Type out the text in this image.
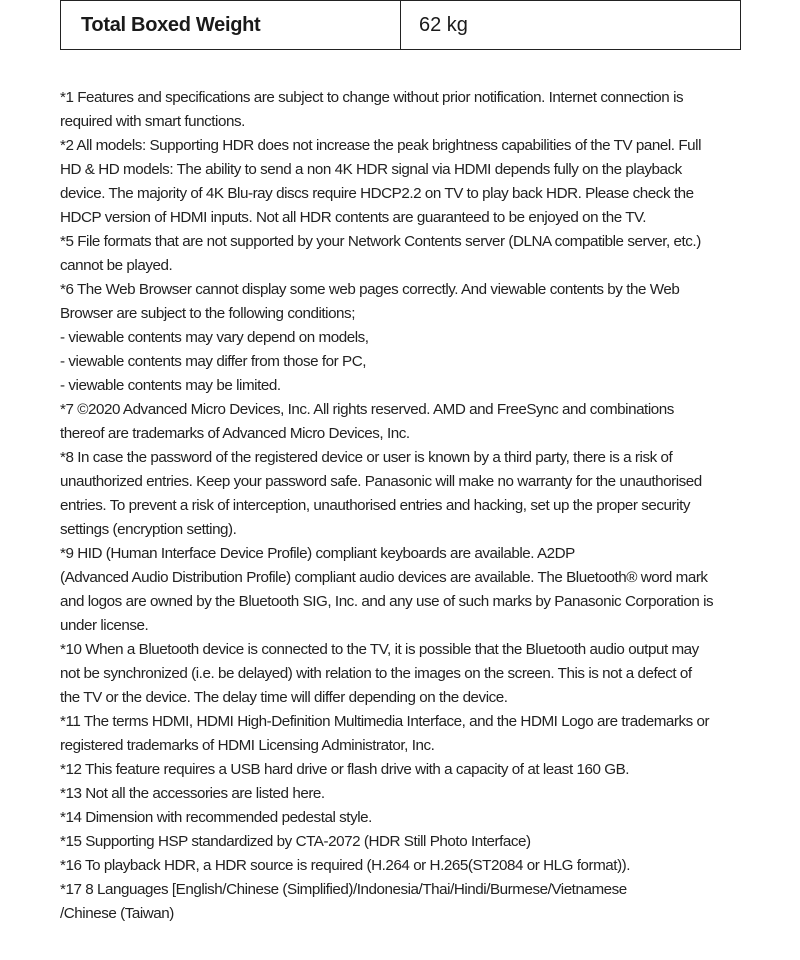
Total Boxed Weight	62 kg

*1 Features and specifications are subject to change without prior notification. Internet connection is

required with smart functions.

*2 All models: Supporting HDR does not increase the peak brightness capabilities of the TV panel. Full

HD & HD models: The ability to send a non 4K HDR signal via HDMI depends fully on the playback

device. The majority of 4K Blu-ray discs require HDCP2.2 on TV to play back HDR. Please check the

HDCP version of HDMI inputs. Not all HDR contents are guaranteed to be enjoyed on the TV.

*5 File formats that are not supported by your Network Contents server (DLNA compatible server, etc.)

cannot be played.

*6 The Web Browser cannot display some web pages correctly. And viewable contents by the Web

Browser are subject to the following conditions;

- viewable contents may vary depend on models,

- viewable contents may differ from those for PC,

- viewable contents may be limited.

*7 ©2020 Advanced Micro Devices, Inc. All rights reserved. AMD and FreeSync and combinations

thereof are trademarks of Advanced Micro Devices, Inc.

*8 In case the password of the registered device or user is known by a third party, there is a risk of

unauthorized entries. Keep your password safe. Panasonic will make no warranty for the unauthorised

entries. To prevent a risk of interception, unauthorised entries and hacking, set up the proper security

settings (encryption setting).

*9 HID (Human Interface Device Profile) compliant keyboards are available. A2DP

(Advanced Audio Distribution Profile) compliant audio devices are available. The Bluetooth® word mark

and logos are owned by the Bluetooth SIG, Inc. and any use of such marks by Panasonic Corporation is

under license.

*10 When a Bluetooth device is connected to the TV, it is possible that the Bluetooth audio output may

not be synchronized (i.e. be delayed) with relation to the images on the screen. This is not a defect of

the TV or the device. The delay time will differ depending on the device.

*11 The terms HDMI, HDMI High-Definition Multimedia Interface, and the HDMI Logo are trademarks or

registered trademarks of HDMI Licensing Administrator, Inc.

*12 This feature requires a USB hard drive or flash drive with a capacity of at least 160 GB.

*13 Not all the accessories are listed here.

*14 Dimension with recommended pedestal style.

*15 Supporting HSP standardized by CTA-2072 (HDR Still Photo Interface)

*16 To playback HDR, a HDR source is required (H.264 or H.265(ST2084 or HLG format)).

*17 8 Languages [English/Chinese (Simplified)/Indonesia/Thai/Hindi/Burmese/Vietnamese

/Chinese (Taiwan)
